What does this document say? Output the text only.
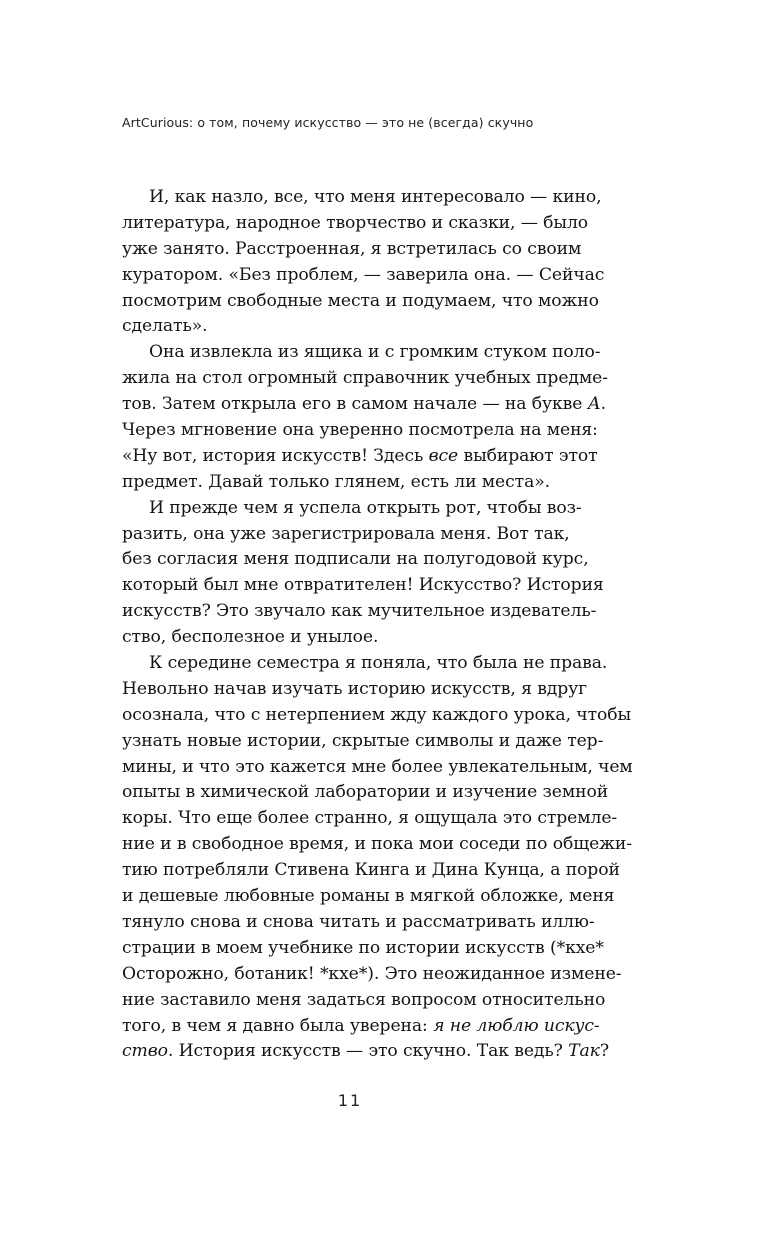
ArtCurious: о том, почему искусство — это не (всегда) скучно
И, как назло, все, что меня интересовало — кино,
литература, народное творчество и сказки, — было
уже занято. Расстроенная, я встретилась со своим
куратором. «Без проблем, — заверила она. — Сейчас
посмотрим свободные места и подумаем, что можно
сделать».
Она извлекла из ящика и с громким стуком поло-
жила на стол огромный справочник учебных предме-
тов. Затем открыла его в самом начале — на букве А.
Через мгновение она уверенно посмотрела на меня:
«Ну вот, история искусств! Здесь все выбирают этот
предмет. Давай только глянем, есть ли места».
И прежде чем я успела открыть рот, чтобы воз-
разить, она уже зарегистрировала меня. Вот так,
без согласия меня подписали на полугодовой курс,
который был мне отвратителен! Искусство? История
искусств? Это звучало как мучительное издеватель-
ство, бесполезное и унылое.
К середине семестра я поняла, что была не права.
Невольно начав изучать историю искусств, я вдруг
осознала, что с нетерпением жду каждого урока, чтобы
узнать новые истории, скрытые символы и даже тер-
мины, и что это кажется мне более увлекательным, чем
опыты в химической лаборатории и изучение земной
коры. Что еще более странно, я ощущала это стремле-
ние и в свободное время, и пока мои соседи по общежи-
тию потребляли Стивена Кинга и Дина Кунца, а порой
и дешевые любовные романы в мягкой обложке, меня
тянуло снова и снова читать и рассматривать иллю-
страции в моем учебнике по истории искусств (*кхе*
Осторожно, ботаник! *кхе*). Это неожиданное измене-
ние заставило меня задаться вопросом относительно
того, в чем я давно была уверена: я не люблю искус-
ство. История искусств — это скучно. Так ведь? Так?
11
